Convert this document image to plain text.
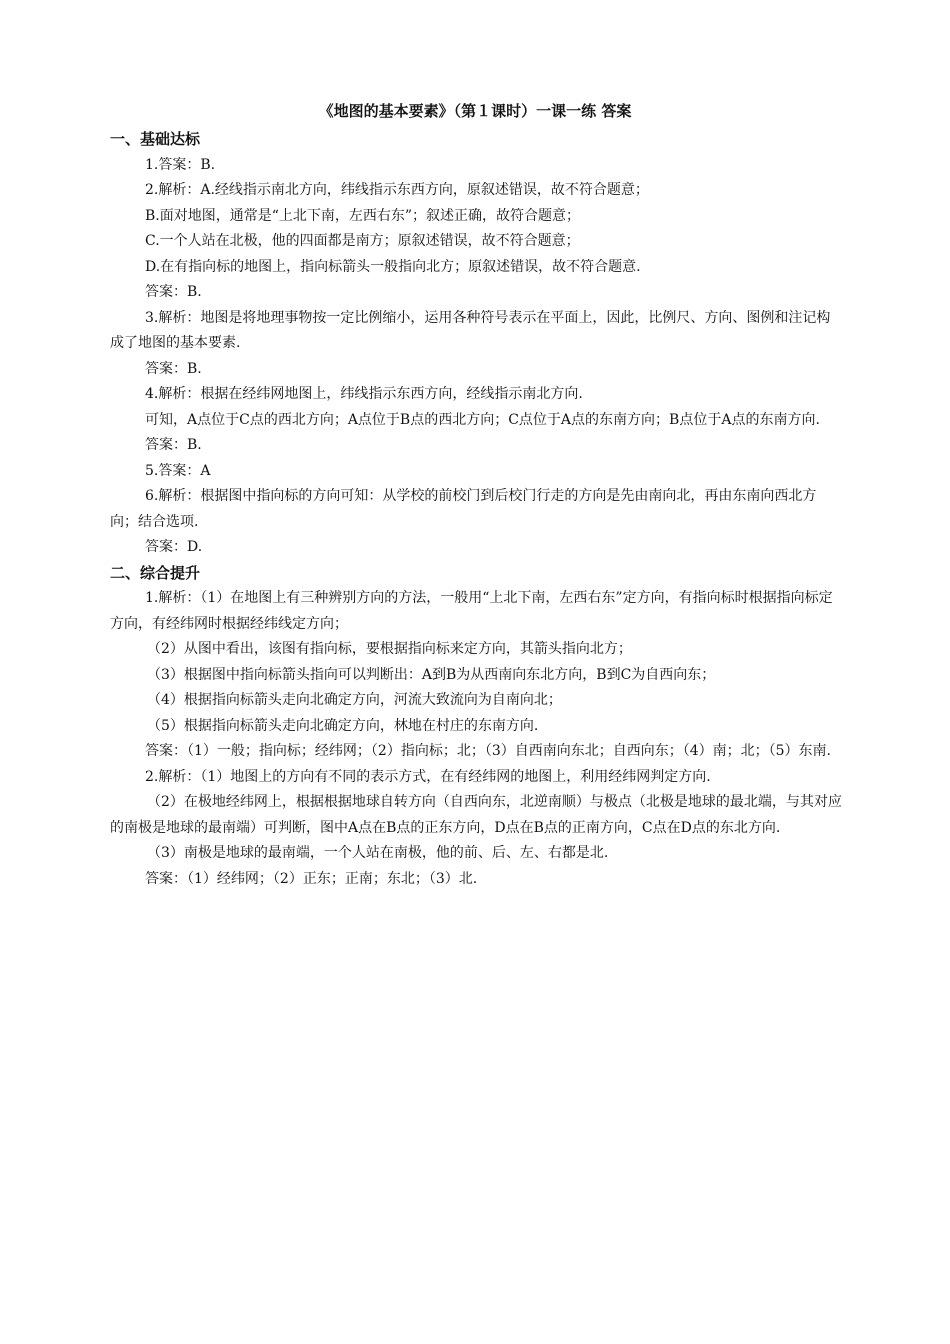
《地图的基本要素》（第１课时）一课一练 答案

一、基础达标

1.答案：B.

2.解析：A.经线指示南北方向，纬线指示东西方向，原叙述错误，故不符合题意；

B.面对地图，通常是“上北下南，左西右东”；叙述正确，故符合题意；

C.一个人站在北极，他的四面都是南方；原叙述错误，故不符合题意；

D.在有指向标的地图上，指向标箭头一般指向北方；原叙述错误，故不符合题意.

答案：B.

3.解析：地图是将地理事物按一定比例缩小，运用各种符号表示在平面上，因此，比例尺、方向、图例和注记构成了地图的基本要素.

答案：B.

4.解析：根据在经纬网地图上，纬线指示东西方向，经线指示南北方向.

可知，A点位于C点的西北方向；A点位于B点的西北方向；C点位于A点的东南方向；B点位于A点的东南方向.

答案：B.

5.答案：A

6.解析：根据图中指向标的方向可知：从学校的前校门到后校门行走的方向是先由南向北，再由东南向西北方向；结合选项.

答案：D.

二、综合提升

1.解析：（1）在地图上有三种辨别方向的方法，一般用“上北下南，左西右东”定方向，有指向标时根据指向标定方向，有经纬网时根据经纬线定方向；

（2）从图中看出，该图有指向标，要根据指向标来定方向，其箭头指向北方；

（3）根据图中指向标箭头指向可以判断出：A到B为从西南向东北方向，B到C为自西向东；

（4）根据指向标箭头走向北确定方向，河流大致流向为自南向北；

（5）根据指向标箭头走向北确定方向，林地在村庄的东南方向.

答案：（1）一般；指向标；经纬网；（2）指向标；北；（3）自西南向东北；自西向东；（4）南；北；（5）东南.

2.解析：（1）地图上的方向有不同的表示方式，在有经纬网的地图上，利用经纬网判定方向.

（2）在极地经纬网上，根据根据地球自转方向（自西向东，北逆南顺）与极点（北极是地球的最北端，与其对应的南极是地球的最南端）可判断，图中A点在B点的正东方向，D点在B点的正南方向，C点在D点的东北方向.

（3）南极是地球的最南端，一个人站在南极，他的前、后、左、右都是北.

答案：（1）经纬网；（2）正东；正南；东北；（3）北.
